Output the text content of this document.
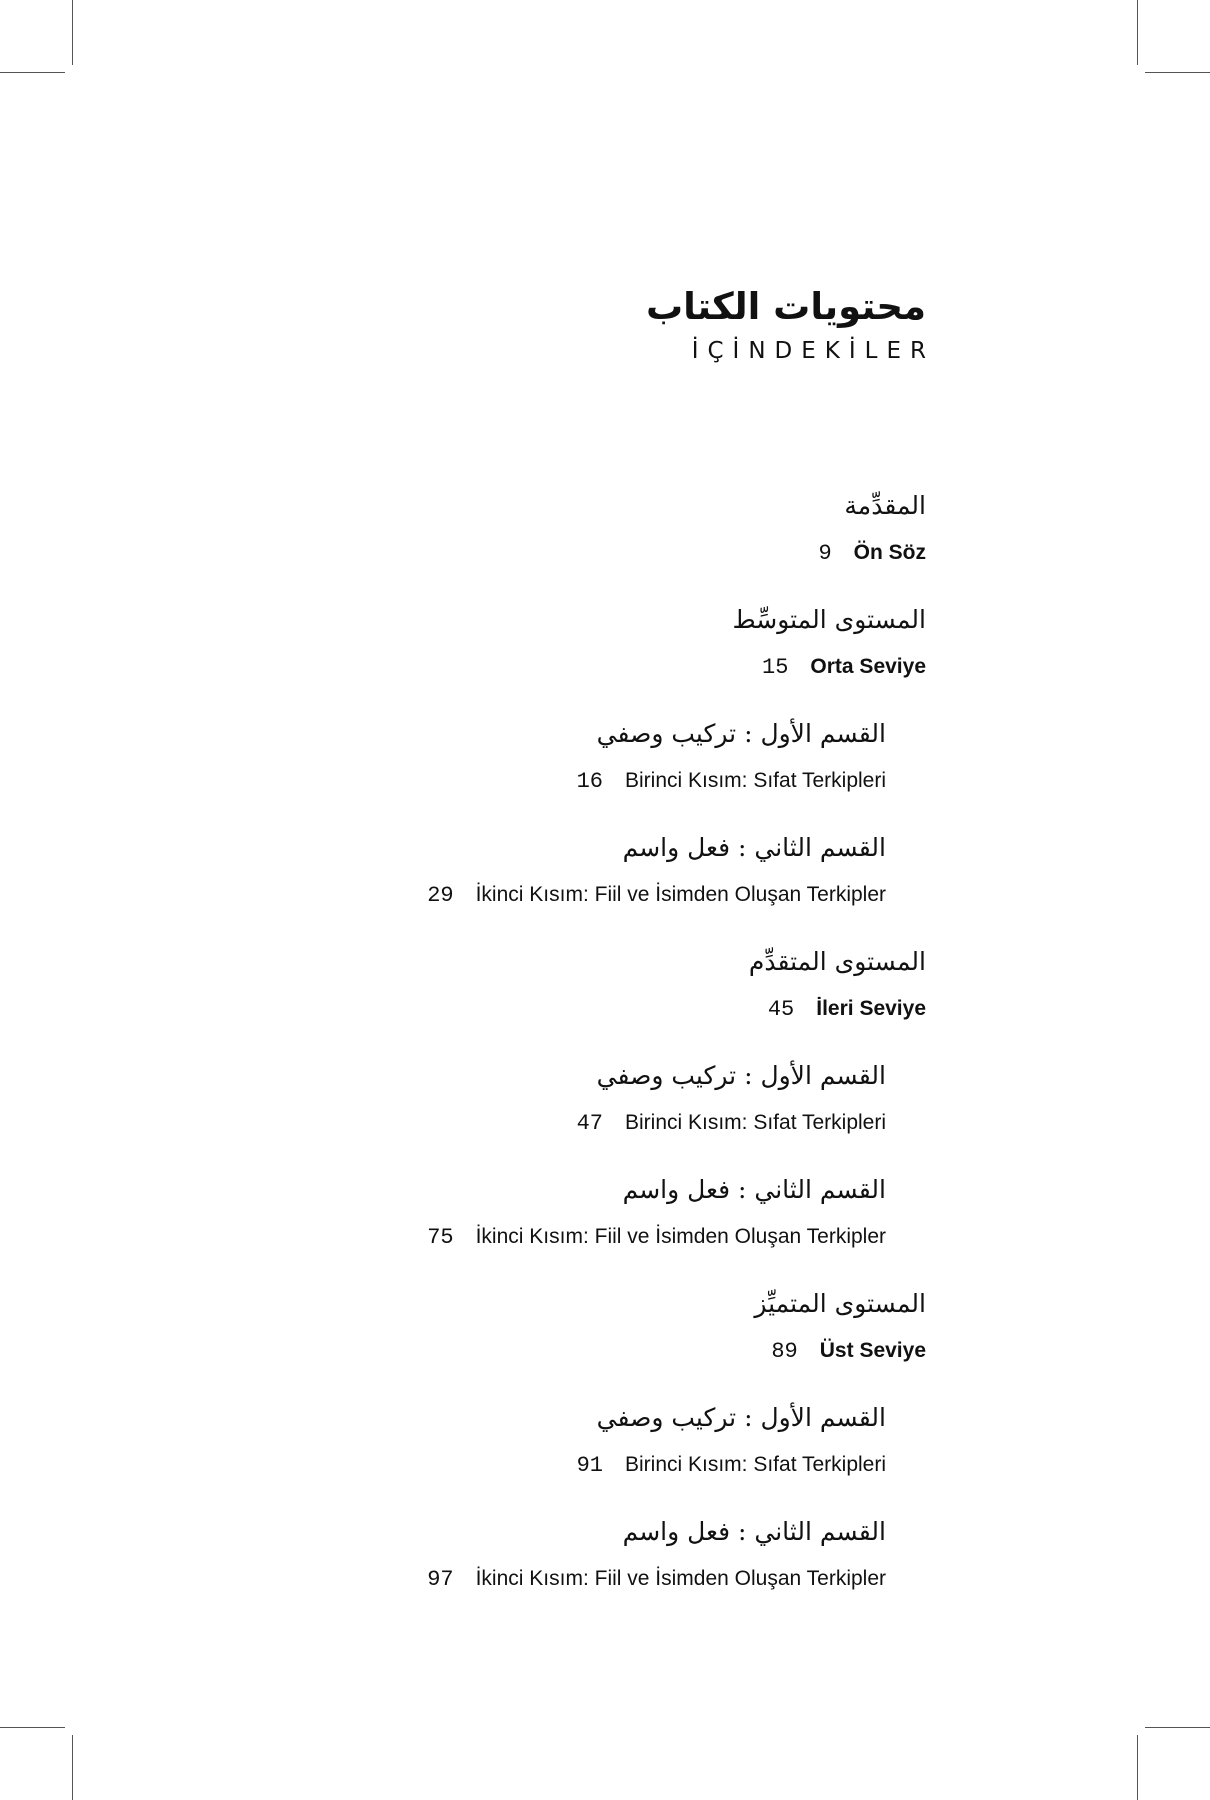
محتويات الكتاب
İÇİNDEKİLER
المقدِّمة
9 Ön Söz
المستوى المتوسِّط
15 Orta Seviye
القسم الأول : تركيب وصفي
16 Birinci Kısım: Sıfat Terkipleri
القسم الثاني : فعل واسم
29 İkinci Kısım: Fiil ve İsimden Oluşan Terkipler
المستوى المتقدِّم
45 İleri Seviye
القسم الأول : تركيب وصفي
47 Birinci Kısım: Sıfat Terkipleri
القسم الثاني : فعل واسم
75 İkinci Kısım: Fiil ve İsimden Oluşan Terkipler
المستوى المتميِّز
89 Üst Seviye
القسم الأول : تركيب وصفي
91 Birinci Kısım: Sıfat Terkipleri
القسم الثاني : فعل واسم
97 İkinci Kısım: Fiil ve İsimden Oluşan Terkipler
